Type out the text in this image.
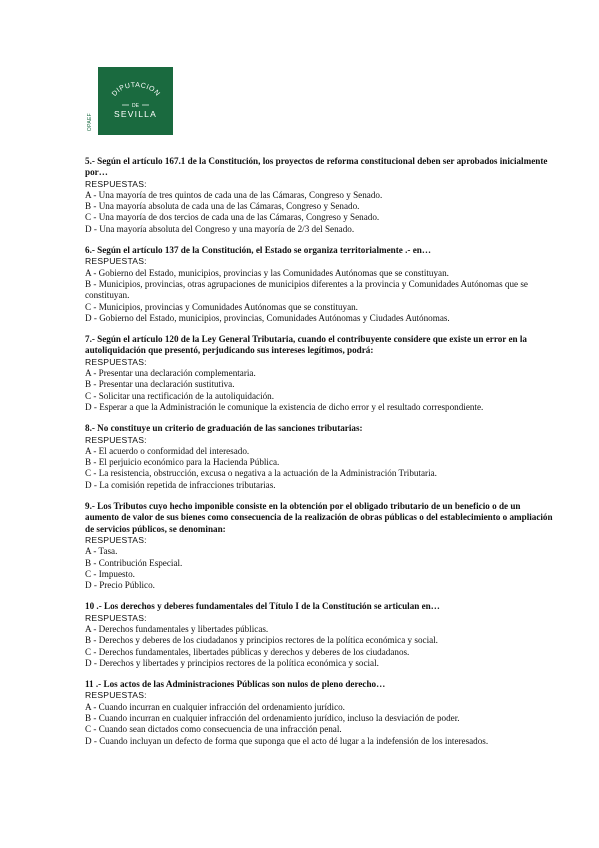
OPAEF
DIPUTACION
DE
SEVILLA

5.- Según el artículo 167.1 de la Constitución, los proyectos de reforma constitucional deben ser aprobados inicialmente por…

RESPUESTAS:

A - Una mayoría de tres quintos de cada una de las Cámaras, Congreso y Senado.

B - Una mayoría absoluta de cada una de las Cámaras, Congreso y Senado.

C - Una mayoría de dos tercios de cada una de las Cámaras, Congreso y Senado.

D - Una mayoría absoluta del Congreso y una mayoría de 2/3 del Senado.

6.- Según el artículo 137 de la Constitución, el Estado se organiza territorialmente .- en…

RESPUESTAS:

A - Gobierno del Estado, municipios, provincias y las Comunidades Autónomas que se constituyan.

B - Municipios, provincias, otras agrupaciones de municipios diferentes a la provincia y Comunidades Autónomas que se constituyan.

C - Municipios, provincias y Comunidades Autónomas que se constituyan.

D - Gobierno del Estado, municipios, provincias, Comunidades Autónomas y Ciudades Autónomas.

7.- Según el artículo 120 de la Ley General Tributaria, cuando el contribuyente considere que existe un error en la autoliquidación que presentó, perjudicando sus intereses legítimos, podrá:

RESPUESTAS:

A - Presentar una declaración complementaria.

B - Presentar una declaración sustitutiva.

C - Solicitar una rectificación de la autoliquidación.

D - Esperar a que la Administración le comunique la existencia de dicho error y el resultado correspondiente.

8.- No constituye un criterio de graduación de las sanciones tributarias:

RESPUESTAS:

A - El acuerdo o conformidad del interesado.

B - El perjuicio económico para la Hacienda Pública.

C - La resistencia, obstrucción, excusa o negativa a la actuación de la Administración Tributaria.

D - La comisión repetida de infracciones tributarias.

9.- Los Tributos cuyo hecho imponible consiste en la obtención por el obligado tributario de un beneficio o de un aumento de valor de sus bienes como consecuencia de la realización de obras públicas o del establecimiento o ampliación de servicios públicos, se denominan:

RESPUESTAS:

A - Tasa.

B - Contribución Especial.

C - Impuesto.

D - Precio Público.

10 .- Los derechos y deberes fundamentales del Título I de la Constitución se articulan en…

RESPUESTAS:

A - Derechos fundamentales y libertades públicas.

B - Derechos y deberes de los ciudadanos y principios rectores de la política económica y social.

C - Derechos fundamentales, libertades públicas y derechos y deberes de los ciudadanos.

D - Derechos y libertades y principios rectores de la política económica y social.

11 .- Los actos de las Administraciones Públicas son nulos de pleno derecho…

RESPUESTAS:

A - Cuando incurran en cualquier infracción del ordenamiento jurídico.

B - Cuando incurran en cualquier infracción del ordenamiento jurídico, incluso la desviación de poder.

C - Cuando sean dictados como consecuencia de una infracción penal.

D - Cuando incluyan un defecto de forma que suponga que el acto dé lugar a la indefensión de los interesados.
